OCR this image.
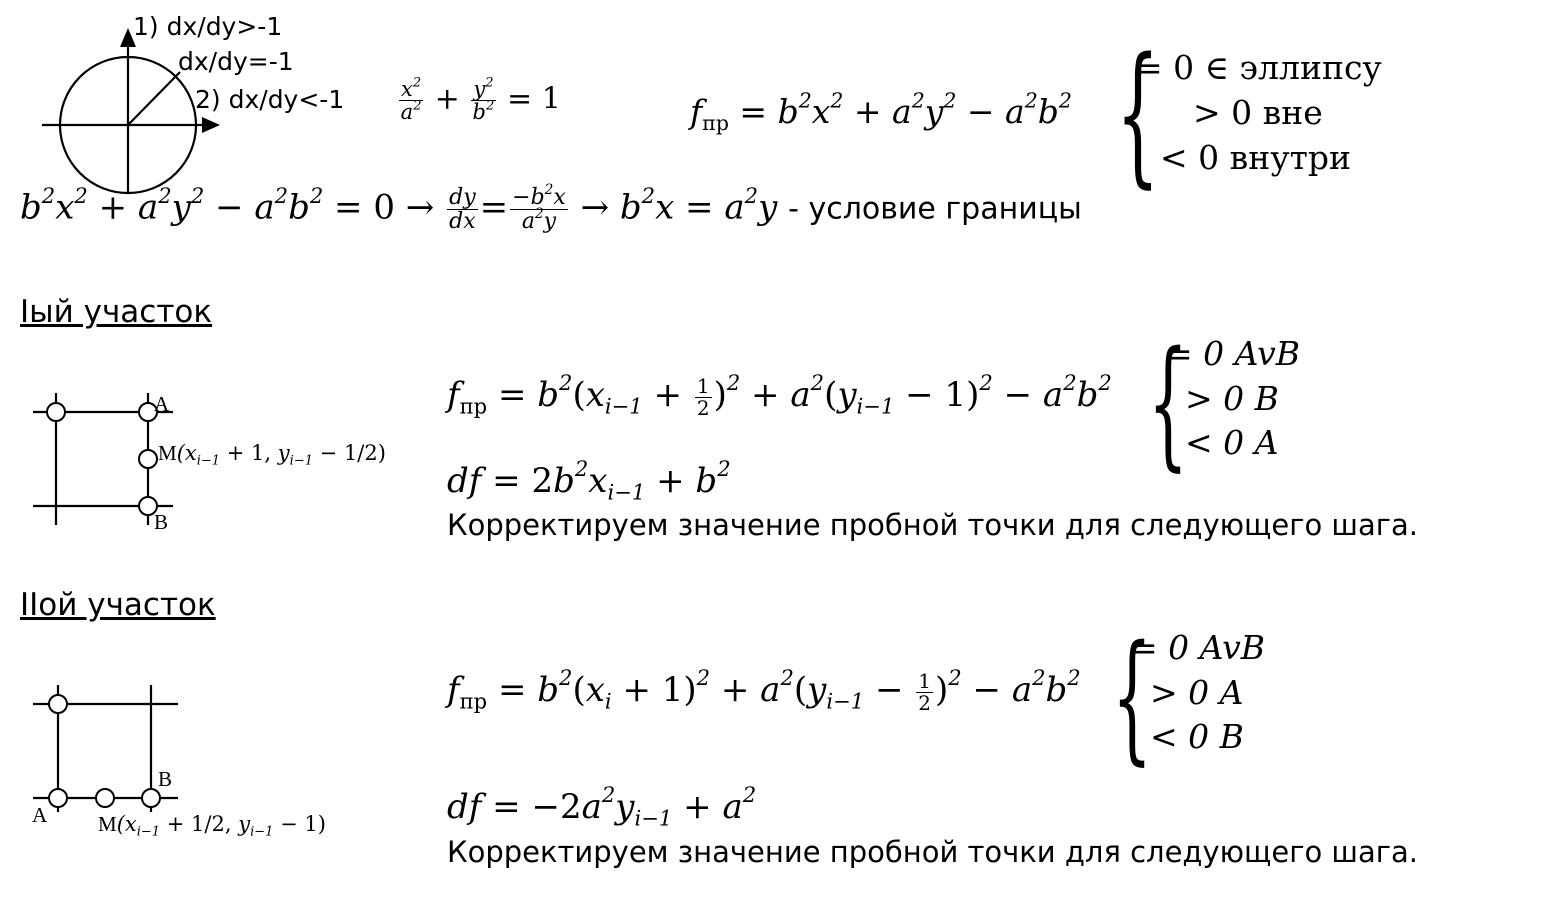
1) dx/dy>-1
dx/dy=-1
2) dx/dy<-1	$\frac{x^2}{a^2} + \frac{y^2}{b^2} = 1$	$f_{пр} = b^2x^2 + a^2y^2 - a^2b^2$ {
= 0 ∈ эллипсу
> 0 вне
< 0 внутри
$b^2x^2 + a^2y^2 - a^2b^2 = 0 \to \frac{dy}{dx} = \frac{-b^2x}{a^2y} \to b^2x = a^2y$ - условие границы
Iый участок
A
B
$M(x_{i-1} + 1$, $y_{i-1} - 1/2$)
$f_{пр} = b^2(x_{i-1} + \frac{1}{2} )^2 + a^2(y_{i-1} - 1)^2 - a^2b^2$ {
= 0 AvB
> 0 B
< 0 A
df = $2b^2x_{i-1} + b^2$
Корректируем значение пробной точки для следующего шага.
IIой участок
B
A $M(x_{i-1} + 1/2$, $y_{i-1} - 1$)
$f_{пр} = b^2(x_i + 1)^2 + a^2(y_{i-1} - \frac{1}{2} )^2 - a^2b^2$ {
= 0 AvB
> 0 A
< 0 B
df = $-2a^2y_{i-1} + a^2$
Корректируем значение пробной точки для следующего шага.
